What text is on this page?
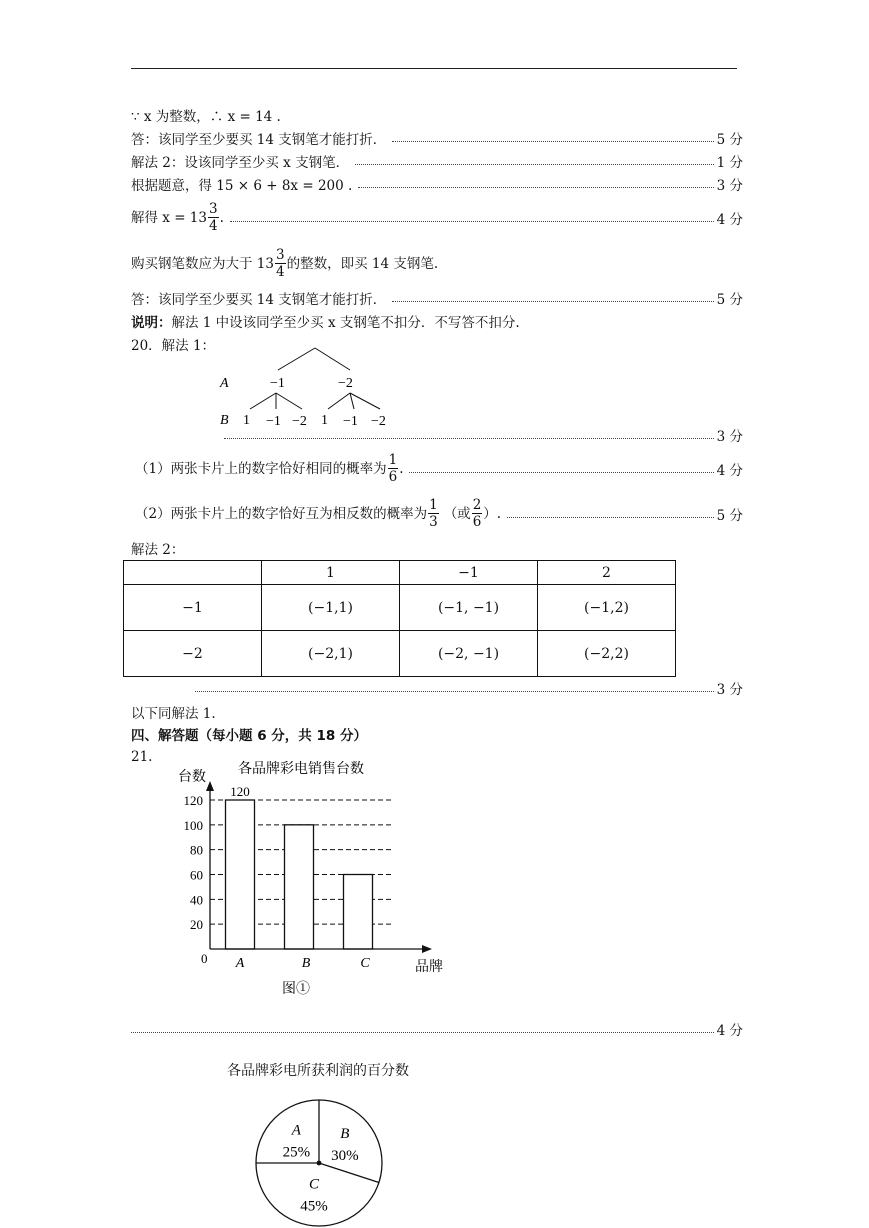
∵ x 为整数，∴ x = 14 .
答：该同学至少要买 14 支钢笔才能打折．	5 分
解法 2：设该同学至少买 x 支钢笔．	1 分
根据题意，得 15 × 6 + 8x = 200 .	3 分
解得 $x = 13 \frac{3}{4}$ .	4 分
购买钢笔数应为大于 $13 \frac{3}{4}$ 的整数，即买 14 支钢笔.
答：该同学至少要买 14 支钢笔才能打折．	5 分
说明：解法 1 中设该同学至少买 x 支钢笔不扣分．不写答不扣分.
20．解法 1：
A
B
−1	−2
1 −1 −2 1 −1 −2
3 分
（1）两张卡片上的数字恰好相同的概率为 $\frac{1}{6}$ .	4 分
（2）两张卡片上的数字恰好互为相反数的概率为 $\frac{1}{3}$ （或 $\frac{2}{6}$ ）.	5 分
解法 2：
	1	−1	2
−1	(−1,1)	(−1, −1)	(−1,2)
−2	(−2,1)	(−2, −1)	(−2,2)
3 分
以下同解法 1.
四、解答题（每小题 6 分，共 18 分）
21.
120
20
40
60
80
100
120
A	B	C
台数
各品牌彩电销售台数
品牌
0
图①
4 分
各品牌彩电所获利润的百分数
A
25%
B
30%
C
45%
